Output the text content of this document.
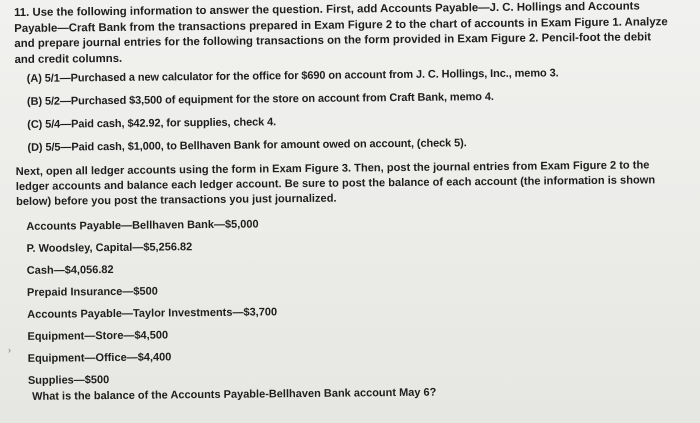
11. Use the following information to answer the question. First, add Accounts Payable—J. C. Hollings and Accounts Payable—Craft Bank from the transactions prepared in Exam Figure 2 to the chart of accounts in Exam Figure 1. Analyze and prepare journal entries for the following transactions on the form provided in Exam Figure 2. Pencil-foot the debit and credit columns.

(A) 5/1—Purchased a new calculator for the office for $690 on account from J. C. Hollings, Inc., memo 3.

(B) 5/2—Purchased $3,500 of equipment for the store on account from Craft Bank, memo 4.

(C) 5/4—Paid cash, $42.92, for supplies, check 4.

(D) 5/5—Paid cash, $1,000, to Bellhaven Bank for amount owed on account, (check 5).

Next, open all ledger accounts using the form in Exam Figure 3. Then, post the journal entries from Exam Figure 2 to the ledger accounts and balance each ledger account. Be sure to post the balance of each account (the information is shown below) before you post the transactions you just journalized.

Accounts Payable—Bellhaven Bank—$5,000
P. Woodsley, Capital—$5,256.82
Cash—$4,056.82
Prepaid Insurance—$500
Accounts Payable—Taylor Investments—$3,700
Equipment—Store—$4,500
Equipment—Office—$4,400
Supplies—$500
What is the balance of the Accounts Payable-Bellhaven Bank account May 6?
›
